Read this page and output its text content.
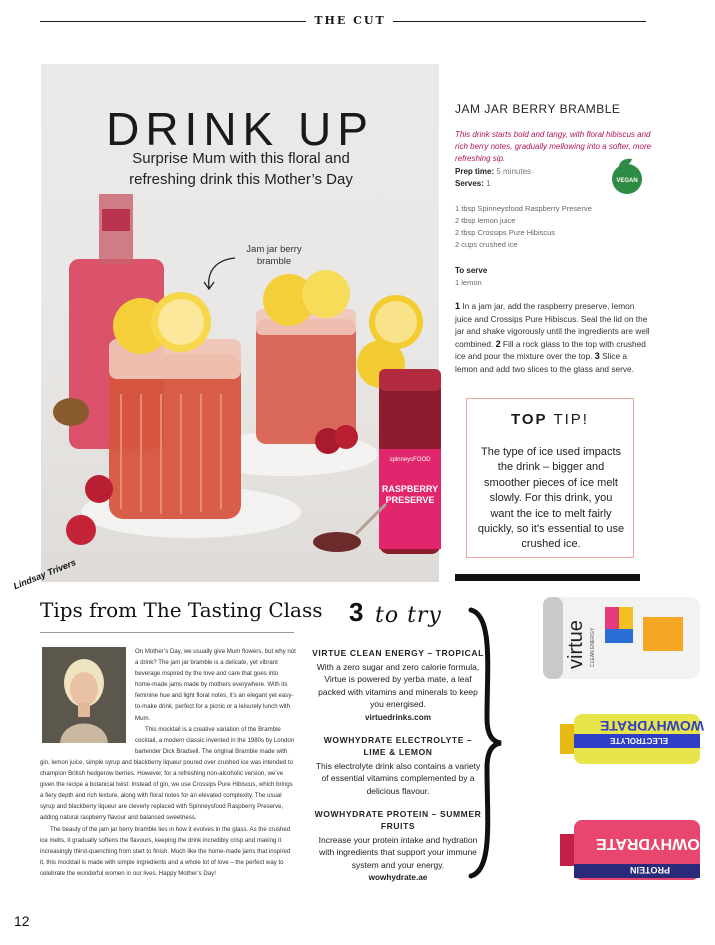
THE CUT
DRINK UP
Surprise Mum with this floral and refreshing drink this Mother’s Day
Jam jar berry bramble
spinneysFOOD
RASPBERRY PRESERVE
JAM JAR BERRY BRAMBLE
This drink starts bold and tangy, with floral hibiscus and rich berry notes, gradually mellowing into a softer, more refreshing sip.
Prep time: 5 minutes
Serves: 1	VEGAN
1 tbsp Spinneysfood Raspberry Preserve
2 tbsp lemon juice
2 tbsp Crossips Pure Hibiscus
2 cups crushed ice
To serve
1 lemon
1 In a jam jar, add the raspberry preserve, lemon juice and Crossips Pure Hibiscus. Seal the lid on the jar and shake vigorously until the ingredients are well combined. 2 Fill a rock glass to the top with crushed ice and pour the mixture over the top. 3 Slice a lemon and add two slices to the glass and serve.
TOP TIP!
The type of ice used impacts the drink – bigger and smoother pieces of ice melt slowly. For this drink, you want the ice to melt fairly quickly, so it’s essential to use crushed ice.
Lindsay Trivers
Tips from The Tasting Class

On Mother’s Day, we usually give Mum flowers, but why not a drink? The jam jar bramble is a delicate, yet vibrant beverage inspired by the love and care that goes into home-made jams made by mothers everywhere. With its feminine hue and light floral notes, it’s an elegant yet easy-to-make drink, perfect for a picnic or a leisurely lunch with Mum.

This mocktail is a creative variation of the Bramble cocktail, a modern classic invented in the 1980s by London bartender Dick Bradsell. The original Bramble made with gin, lemon juice, simple syrup and blackberry liqueur poured over crushed ice was intended to champion British hedgerow berries. However, for a refreshing non-alcoholic version, we’ve given the recipe a botanical twist: Instead of gin, we use Crossips Pure Hibiscus, which brings a fiery depth and rich texture, along with floral notes for an elevated complexity. The usual syrup and blackberry liqueur are cleverly replaced with Spinneysfood Raspberry Preserve, adding natural raspberry flavour and balanced sweetness.

The beauty of the jam jar berry bramble lies in how it evolves in the glass. As the crushed ice melts, it gradually softens the flavours, keeping the drink incredibly crisp and making it increasingly thirst-quenching from start to finish. Much like the home-made jams that inspired it, this mocktail is made with simple ingredients and a whole lot of love – the perfect way to celebrate the wonderful women in our lives. Happy Mother’s Day!

3 to try
VIRTUE CLEAN ENERGY – TROPICAL
With a zero sugar and zero calorie formula, Virtue is powered by yerba mate, a leaf packed with vitamins and minerals to keep you energised.
virtuedrinks.com
WOWHYDRATE ELECTROLYTE – LIME & LEMON
This electrolyte drink also contains a variety of essential vitamins complemented by a delicious flavour.
WOWHYDRATE PROTEIN – SUMMER FRUITS
Increase your protein intake and hydration with ingredients that support your immune system and your energy.
wowhydrate.ae
virtue CLEAN ENERGY
WOWHYDRATE
ELECTROLYTE
WOWHYDRATE
PROTEIN
12
